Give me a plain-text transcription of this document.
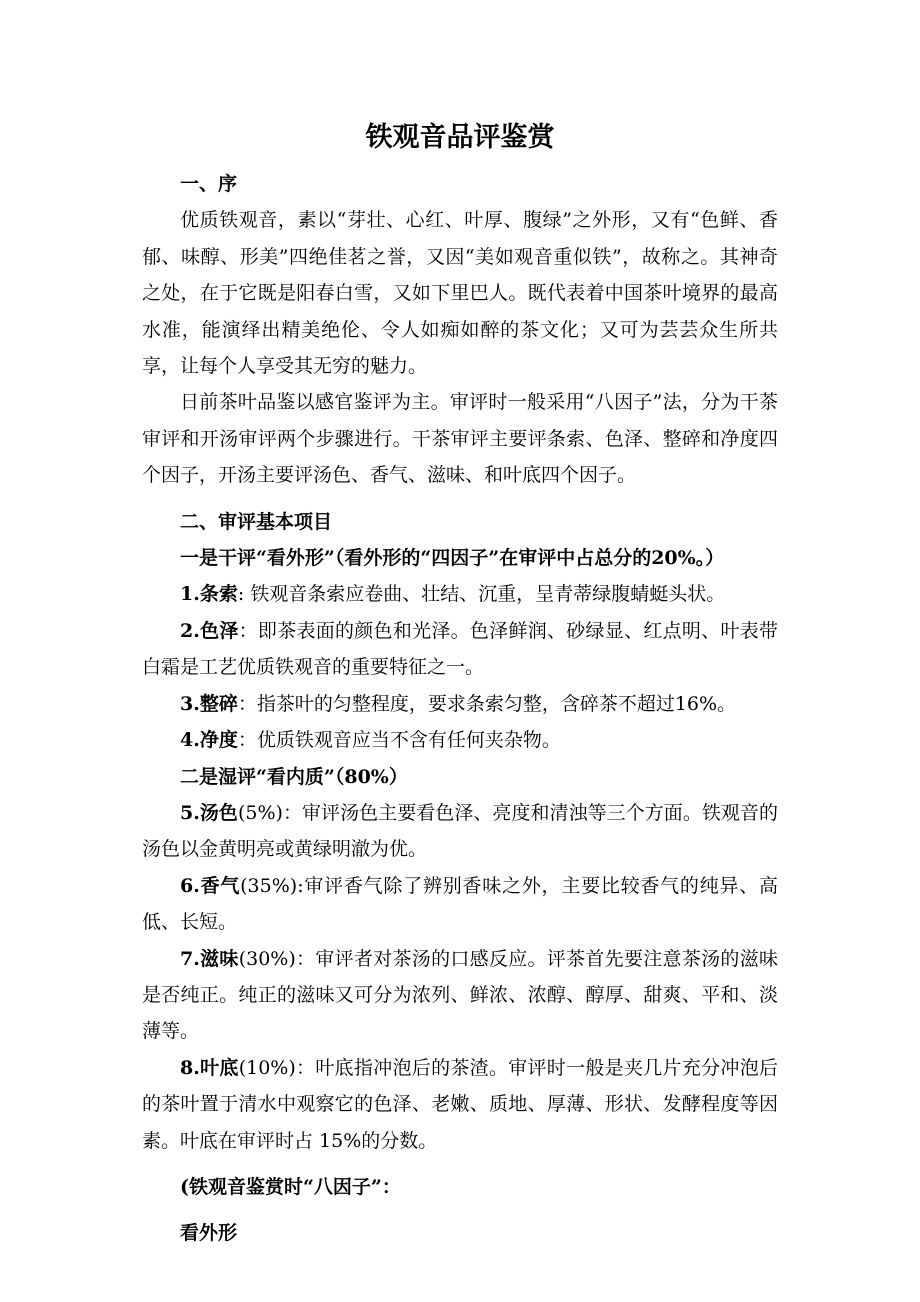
铁观音品评鉴赏

一、序

优质铁观音，素以“芽壮、心红、叶厚、腹绿”之外形，又有“色鲜、香郁、味醇、形美”四绝佳茗之誉，又因“美如观音重似铁”，故称之。其神奇之处，在于它既是阳春白雪，又如下里巴人。既代表着中国茶叶境界的最高水准，能演绎出精美绝伦、令人如痴如醉的茶文化；又可为芸芸众生所共享，让每个人享受其无穷的魅力。

日前茶叶品鉴以感官鉴评为主。审评时一般采用“八因子”法，分为干茶审评和开汤审评两个步骤进行。干茶审评主要评条索、色泽、整碎和净度四个因子，开汤主要评汤色、香气、滋味、和叶底四个因子。

二、审评基本项目

一是干评“看外形”（看外形的“四因子”在审评中占总分的20%。）

1.条索: 铁观音条索应卷曲、壮结、沉重，呈青蒂绿腹蜻蜓头状。

2.色泽：即茶表面的颜色和光泽。色泽鲜润、砂绿显、红点明、叶表带白霜是工艺优质铁观音的重要特征之一。

3.整碎：指茶叶的匀整程度，要求条索匀整，含碎茶不超过16%。

4.净度：优质铁观音应当不含有任何夹杂物。

二是湿评“看内质”（80%）

5.汤色(5%)：审评汤色主要看色泽、亮度和清浊等三个方面。铁观音的汤色以金黄明亮或黄绿明澈为优。

6.香气(35%):审评香气除了辨别香味之外，主要比较香气的纯异、高低、长短。

7.滋味(30%)：审评者对茶汤的口感反应。评茶首先要注意茶汤的滋味是否纯正。纯正的滋味又可分为浓列、鲜浓、浓醇、醇厚、甜爽、平和、淡薄等。

8.叶底(10%)：叶底指冲泡后的茶渣。审评时一般是夹几片充分冲泡后的茶叶置于清水中观察它的色泽、老嫩、质地、厚薄、形状、发酵程度等因素。叶底在审评时占 15%的分数。

(铁观音鉴赏时“八因子”：

看外形
